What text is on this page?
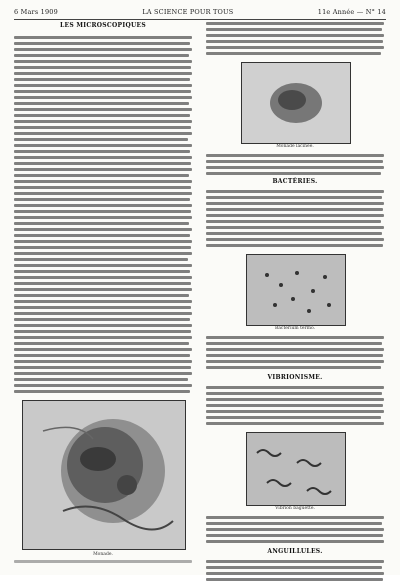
6 Mars 1909	LA SCIENCE POUR TOUS	11e Année — N° 14
LES MICROSCOPIQUES
Monade.
Monade lacinée.
BACTÉRIES.
Bacterium termo.
VIBRIONISME.
Vibrion baguette.
ANGUILLULES.
